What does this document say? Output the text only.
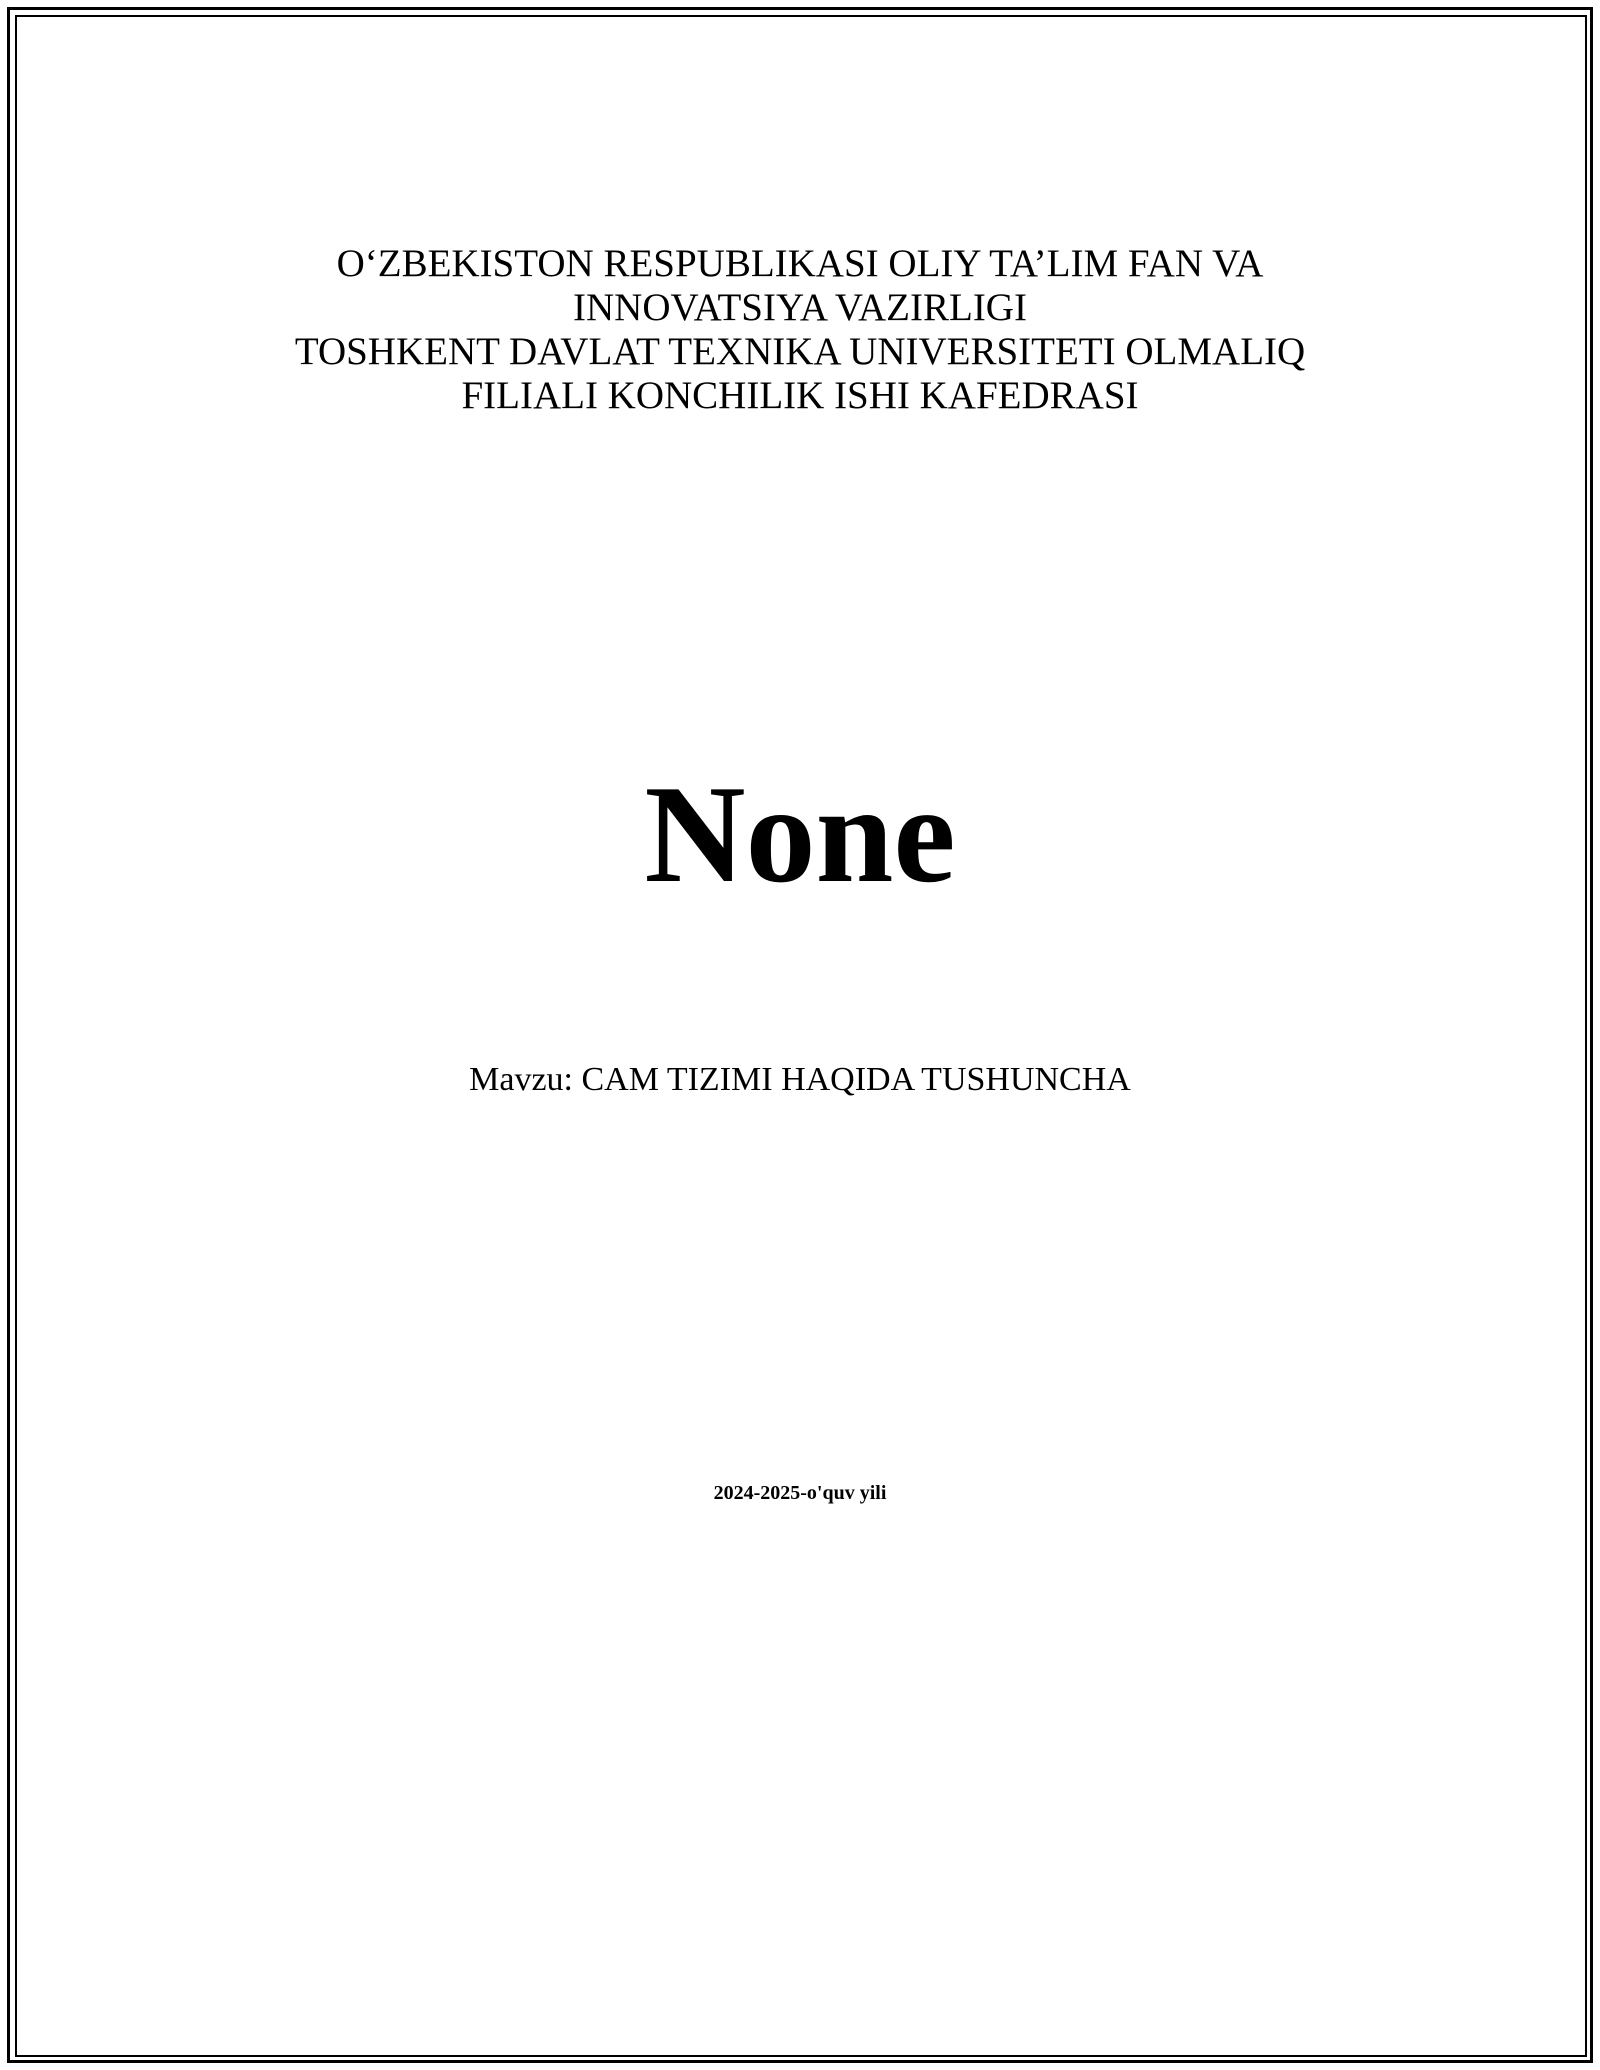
O‘ZBEKISTON RESPUBLIKASI OLIY TA’LIM FAN VA
INNOVATSIYA VAZIRLIGI
TOSHKENT DAVLAT TEXNIKA UNIVERSITETI OLMALIQ
FILIALI KONCHILIK ISHI KAFEDRASI
None

Mavzu: CAM TIZIMI HAQIDA TUSHUNCHA

2024-2025-o'quv yili
